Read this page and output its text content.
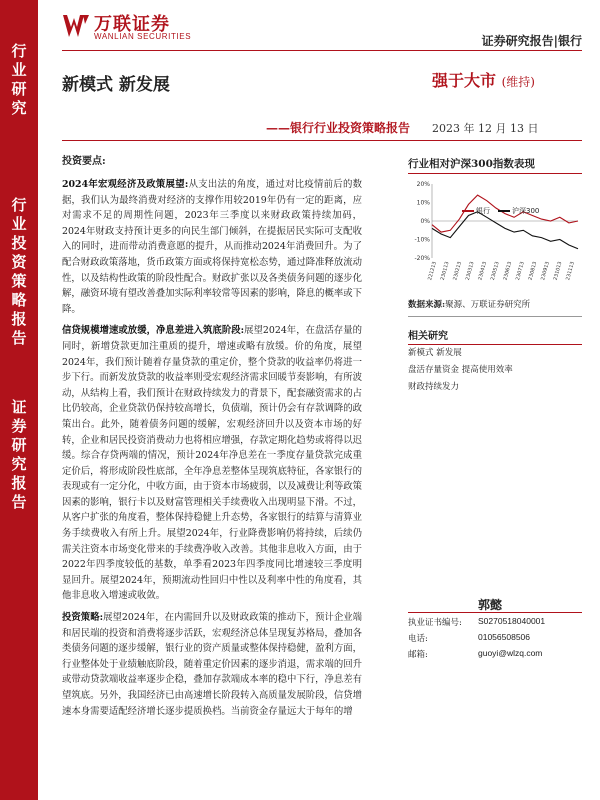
行
业
研
究
行
业
投
资
策
略
报
告
证
券
研
究
报
告
万联证券
WANLIAN SECURITIES	证券研究报告|银行
新模式 新发展
——银行行业投资策略报告
强于大市 (维持)
2023 年 12 月 13 日
投资要点:

2024年宏观经济及政策展望:从支出法的角度，通过对比疫情前后的数据，我们认为最终消费对经济的支撑作用较2019年仍有一定的距离，应对需求不足的周期性问题，2023年三季度以来财政政策持续加码，2024年财政支持预计更多的向民生部门倾斜，在提振居民实际可支配收入的同时，进而带动消费意愿的提升，从而推动2024年消费回升。为了配合财政政策落地，货币政策方面或将保持宽松态势，通过降准释放流动性，以及结构性政策的阶段性配合。财政扩张以及各类债务问题的逐步化解，融资环境有望改善叠加实际利率较常等因素的影响，降息的概率或下降。

信贷规模增速或放缓，净息差进入筑底阶段:展望2024年，在盘活存量的同时，新增贷款更加注重质的提升，增速或略有放缓。价的角度，展望2024年，我们预计随着存量贷款的重定价，整个贷款的收益率仍将进一步下行。而新发放贷款的收益率则受宏观经济需求回暖节奏影响，有所波动，从结构上看，我们预计在财政持续发力的背景下，配套融资需求的占比仍较高，企业贷款仍保持较高增长，负债端，预计仍会有存款调降的政策出台。此外，随着债务问题的缓解，宏观经济回升以及资本市场的好转，企业和居民投资消费动力也将相应增强，存款定期化趋势或将得以迟缓。综合存贷两端的情况，预计2024年净息差在一季度存量贷款完成重定价后，将形成阶段性底部，全年净息差整体呈现筑底特征，各家银行的表现或有一定分化，中收方面，由于资本市场疲弱，以及减费让利等政策因素的影响，银行卡以及财富管理相关手续费收入出现明显下滑。不过，从客户扩张的角度看，整体保持稳健上升态势，各家银行的结算与清算业务手续费收入有所上升。展望2024年，行业降费影响仍将持续，后续仍需关注资本市场变化带来的手续费净收入改善。其他非息收入方面，由于2022年四季度较低的基数，单季看2023年四季度同比增速较三季度明显回升。展望2024年，预期流动性回归中性以及利率中性的角度看，其他非息收入增速或收敛。

投资策略:展望2024年，在内需回升以及财政政策的推动下，预计企业端和居民端的投资和消费将逐步活跃，宏观经济总体呈现复苏格局，叠加各类债务问题的逐步缓解，银行业的资产质量或整体保持稳健，盈利方面，行业整体处于业绩触底阶段，随着重定价因素的逐步消退，需求端的回升或带动贷款端收益率逐步企稳，叠加存款端成本率的稳中下行，净息差有望筑底。另外，我国经济已由高速增长阶段转入高质量发展阶段，信贷增速本身需要适配经济增长逐步提质换档。当前资金存量远大于每年的增

行业相对沪深300指数表现
20%
10%
0%
-10%
-20%
221213 230113 230213 230313 230413 230513 230613 230713 230813 230913 231013 231113
银行	沪深300
数据来源:聚源、万联证券研究所
相关研究
新模式 新发展
盘活存量资金 提高使用效率
财政持续发力
郭懿
执业证书编号:	S0270518040001
电话:	01056508506
邮箱:	guoyi@wlzq.com
